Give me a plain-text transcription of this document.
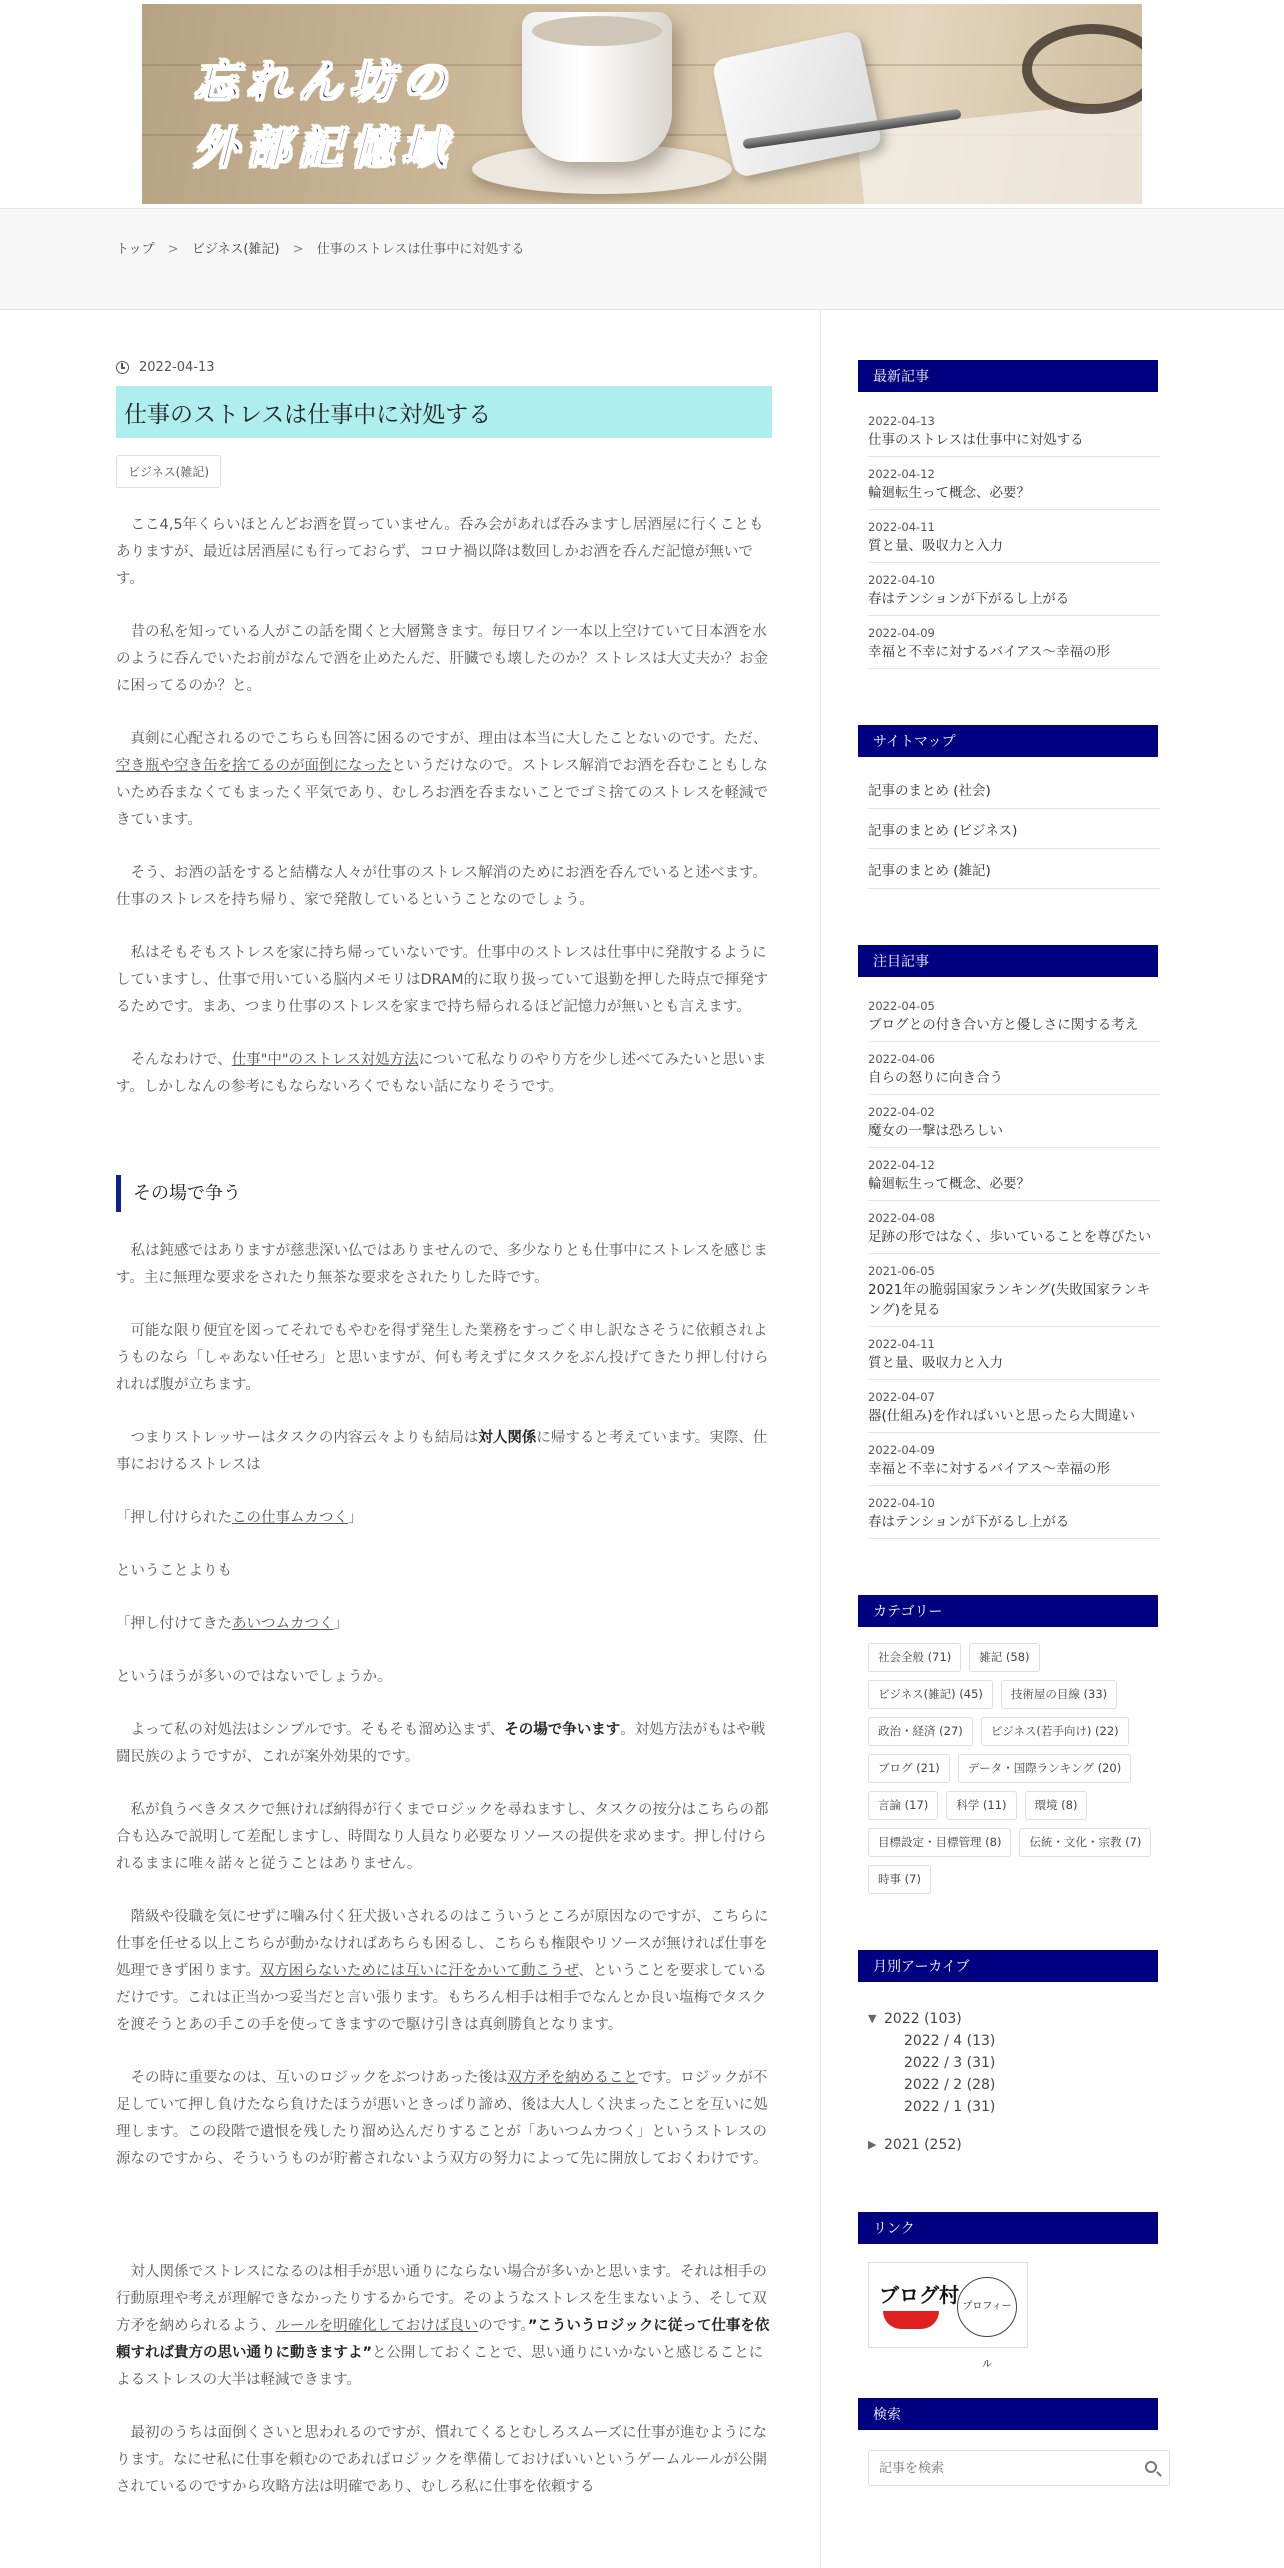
忘れん坊の
外部記憶域
トップ > ビジネス(雑記) > 仕事のストレスは仕事中に対処する
2022-04-13
仕事のストレスは仕事中に対処する
ビジネス(雑記)

ここ4,5年くらいほとんどお酒を買っていません。呑み会があれば呑みますし居酒屋に行くこともありますが、最近は居酒屋にも行っておらず、コロナ禍以降は数回しかお酒を呑んだ記憶が無いです。

昔の私を知っている人がこの話を聞くと大層驚きます。毎日ワイン一本以上空けていて日本酒を水のように呑んでいたお前がなんで酒を止めたんだ、肝臓でも壊したのか？ストレスは大丈夫か？お金に困ってるのか？と。

真剣に心配されるのでこちらも回答に困るのですが、理由は本当に大したことないのです。ただ、空き瓶や空き缶を捨てるのが面倒になったというだけなので。ストレス解消でお酒を呑むこともしないため呑まなくてもまったく平気であり、むしろお酒を呑まないことでゴミ捨てのストレスを軽減できています。

そう、お酒の話をすると結構な人々が仕事のストレス解消のためにお酒を呑んでいると述べます。仕事のストレスを持ち帰り、家で発散しているということなのでしょう。

私はそもそもストレスを家に持ち帰っていないです。仕事中のストレスは仕事中に発散するようにしていますし、仕事で用いている脳内メモリはDRAM的に取り扱っていて退勤を押した時点で揮発するためです。まあ、つまり仕事のストレスを家まで持ち帰られるほど記憶力が無いとも言えます。

そんなわけで、仕事"中"のストレス対処方法について私なりのやり方を少し述べてみたいと思います。しかしなんの参考にもならないろくでもない話になりそうです。

その場で争う

私は鈍感ではありますが慈悲深い仏ではありませんので、多少なりとも仕事中にストレスを感じます。主に無理な要求をされたり無茶な要求をされたりした時です。

可能な限り便宜を図ってそれでもやむを得ず発生した業務をすっごく申し訳なさそうに依頼されようものなら「しゃあない任せろ」と思いますが、何も考えずにタスクをぶん投げてきたり押し付けられれば腹が立ちます。

つまりストレッサーはタスクの内容云々よりも結局は対人関係に帰すると考えています。実際、仕事におけるストレスは

「押し付けられたこの仕事ムカつく」

ということよりも

「押し付けてきたあいつムカつく」

というほうが多いのではないでしょうか。

よって私の対処法はシンプルです。そもそも溜め込まず、その場で争います。対処方法がもはや戦闘民族のようですが、これが案外効果的です。

私が負うべきタスクで無ければ納得が行くまでロジックを尋ねますし、タスクの按分はこちらの都合も込みで説明して差配しますし、時間なり人員なり必要なリソースの提供を求めます。押し付けられるままに唯々諾々と従うことはありません。

階級や役職を気にせずに噛み付く狂犬扱いされるのはこういうところが原因なのですが、こちらに仕事を任せる以上こちらが動かなければあちらも困るし、こちらも権限やリソースが無ければ仕事を処理できず困ります。双方困らないためには互いに汗をかいて動こうぜ、ということを要求しているだけです。これは正当かつ妥当だと言い張ります。もちろん相手は相手でなんとか良い塩梅でタスクを渡そうとあの手この手を使ってきますので駆け引きは真剣勝負となります。

その時に重要なのは、互いのロジックをぶつけあった後は双方矛を納めることです。ロジックが不足していて押し負けたなら負けたほうが悪いときっぱり諦め、後は大人しく決まったことを互いに処理します。この段階で遺恨を残したり溜め込んだりすることが「あいつムカつく」というストレスの源なのですから、そういうものが貯蓄されないよう双方の努力によって先に開放しておくわけです。

対人関係でストレスになるのは相手が思い通りにならない場合が多いかと思います。それは相手の行動原理や考えが理解できなかったりするからです。そのようなストレスを生まないよう、そして双方矛を納められるよう、ルールを明確化しておけば良いのです。”こういうロジックに従って仕事を依頼すれば貴方の思い通りに動きますよ”と公開しておくことで、思い通りにいかないと感じることによるストレスの大半は軽減できます。

最初のうちは面倒くさいと思われるのですが、慣れてくるとむしろスムーズに仕事が進むようになります。なにせ私に仕事を頼むのであればロジックを準備しておけばいいというゲームルールが公開されているのですから攻略方法は明確であり、むしろ私に仕事を依頼する

最新記事
2022-04-13
仕事のストレスは仕事中に対処する
2022-04-12
輪廻転生って概念、必要？
2022-04-11
質と量、吸収力と入力
2022-04-10
春はテンションが下がるし上がる
2022-04-09
幸福と不幸に対するバイアス～幸福の形
サイトマップ
記事のまとめ (社会)
記事のまとめ (ビジネス)
記事のまとめ (雑記)
注目記事
2022-04-05
ブログとの付き合い方と優しさに関する考え
2022-04-06
自らの怒りに向き合う
2022-04-02
魔女の一撃は恐ろしい
2022-04-12
輪廻転生って概念、必要？
2022-04-08
足跡の形ではなく、歩いていることを尊びたい
2021-06-05
2021年の脆弱国家ランキング(失敗国家ランキング)を見る
2022-04-11
質と量、吸収力と入力
2022-04-07
器(仕組み)を作ればいいと思ったら大間違い
2022-04-09
幸福と不幸に対するバイアス～幸福の形
2022-04-10
春はテンションが下がるし上がる
カテゴリー
社会全般 (71)	雑記 (58)
ビジネス(雑記) (45)	技術屋の目線 (33)
政治・経済 (27)	ビジネス(若手向け) (22)
ブログ (21)	データ・国際ランキング (20)
言論 (17)	科学 (11)	環境 (8)
目標設定・目標管理 (8)	伝統・文化・宗教 (7)
時事 (7)
月別アーカイブ
▼ 2022 (103)
2022 / 4 (13)
2022 / 3 (31)
2022 / 2 (28)
2022 / 1 (31)
▶ 2021 (252)
リンク
ブログ村 プロフィール
検索
記事を検索
